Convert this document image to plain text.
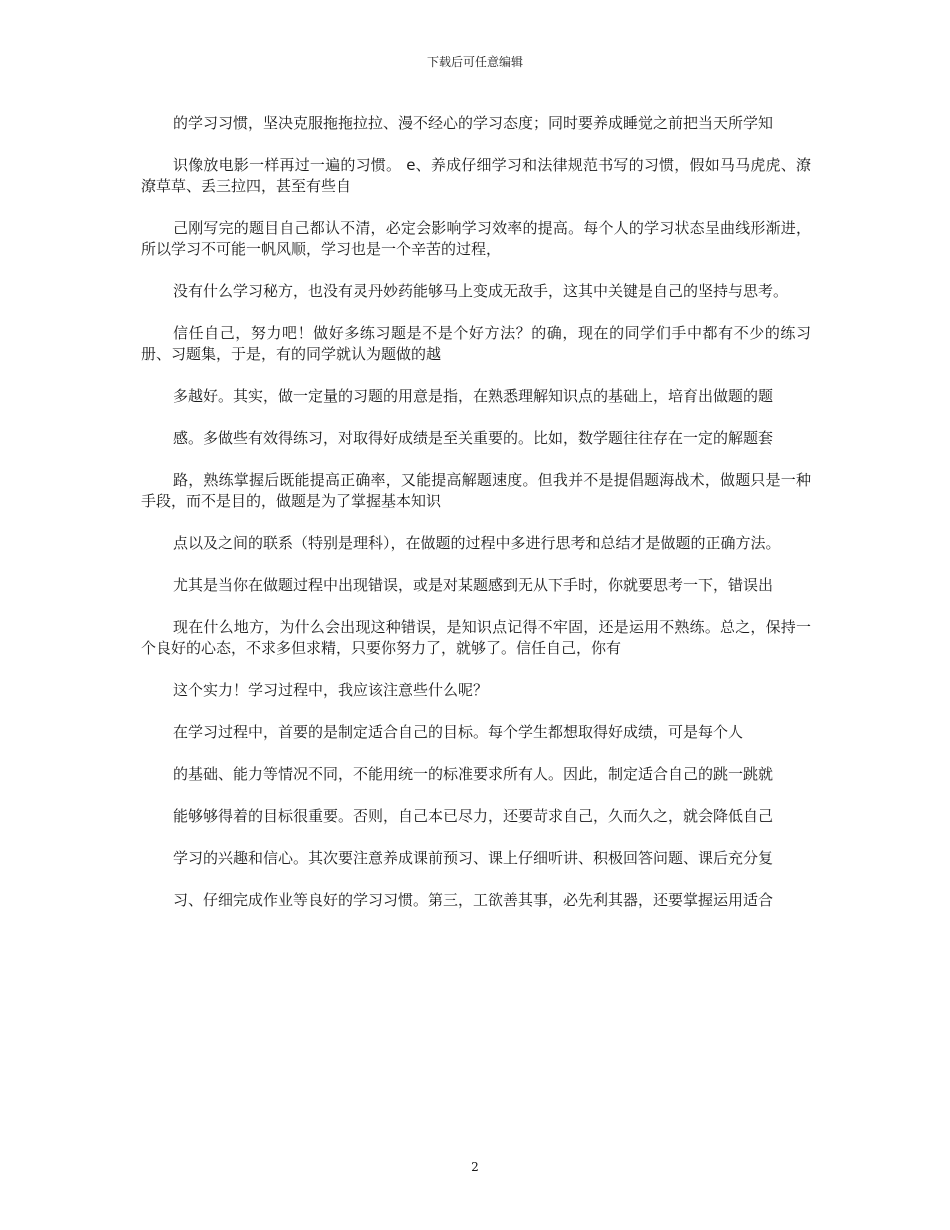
下载后可任意编辑

的学习习惯，坚决克服拖拖拉拉、漫不经心的学习态度；同时要养成睡觉之前把当天所学知

识像放电影一样再过一遍的习惯。 e、养成仔细学习和法律规范书写的习惯，假如马马虎虎、潦潦草草、丢三拉四，甚至有些自

己刚写完的题目自己都认不清，必定会影响学习效率的提高。每个人的学习状态呈曲线形渐进，所以学习不可能一帆风顺，学习也是一个辛苦的过程，

没有什么学习秘方，也没有灵丹妙药能够马上变成无敌手，这其中关键是自己的坚持与思考。

信任自己，努力吧！做好多练习题是不是个好方法？的确，现在的同学们手中都有不少的练习册、习题集，于是，有的同学就认为题做的越

多越好。其实，做一定量的习题的用意是指，在熟悉理解知识点的基础上，培育出做题的题

感。多做些有效得练习，对取得好成绩是至关重要的。比如，数学题往往存在一定的解题套

路，熟练掌握后既能提高正确率，又能提高解题速度。但我并不是提倡题海战术，做题只是一种手段，而不是目的，做题是为了掌握基本知识

点以及之间的联系（特别是理科），在做题的过程中多进行思考和总结才是做题的正确方法。

尤其是当你在做题过程中出现错误，或是对某题感到无从下手时，你就要思考一下，错误出

现在什么地方，为什么会出现这种错误，是知识点记得不牢固，还是运用不熟练。总之，保持一个良好的心态，不求多但求精，只要你努力了，就够了。信任自己，你有

这个实力！学习过程中，我应该注意些什么呢？

在学习过程中，首要的是制定适合自己的目标。每个学生都想取得好成绩，可是每个人

的基础、能力等情况不同，不能用统一的标准要求所有人。因此，制定适合自己的跳一跳就

能够够得着的目标很重要。否则，自己本已尽力，还要苛求自己，久而久之，就会降低自己

学习的兴趣和信心。其次要注意养成课前预习、课上仔细听讲、积极回答问题、课后充分复

习、仔细完成作业等良好的学习习惯。第三，工欲善其事，必先利其器，还要掌握运用适合

2
